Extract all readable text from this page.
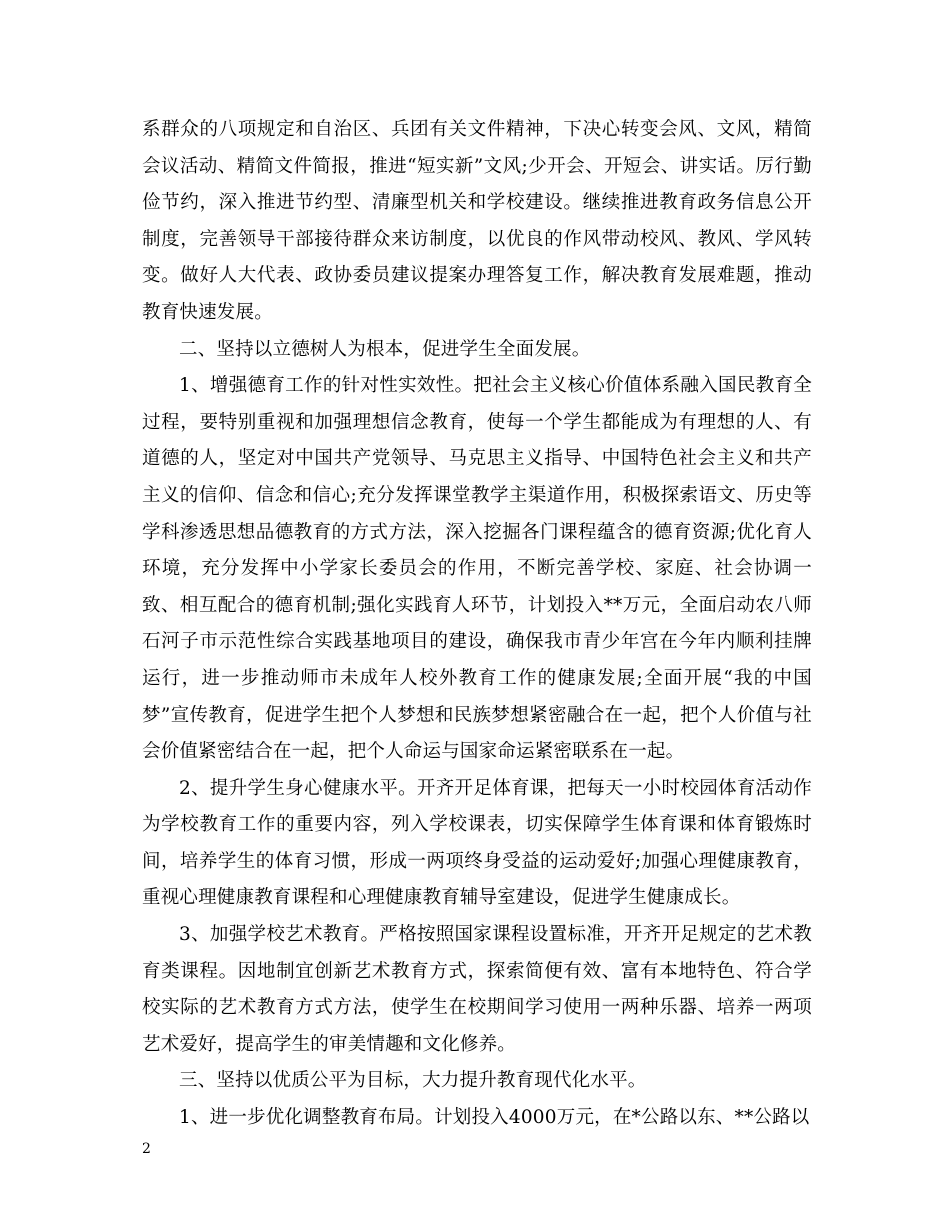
系群众的八项规定和自治区、兵团有关文件精神，下决心转变会风、文风，精简会议活动、精简文件简报，推进“短实新”文风;少开会、开短会、讲实话。厉行勤俭节约，深入推进节约型、清廉型机关和学校建设。继续推进教育政务信息公开制度，完善领导干部接待群众来访制度，以优良的作风带动校风、教风、学风转变。做好人大代表、政协委员建议提案办理答复工作，解决教育发展难题，推动教育快速发展。

二、坚持以立德树人为根本，促进学生全面发展。

1、增强德育工作的针对性实效性。把社会主义核心价值体系融入国民教育全过程，要特别重视和加强理想信念教育，使每一个学生都能成为有理想的人、有道德的人，坚定对中国共产党领导、马克思主义指导、中国特色社会主义和共产主义的信仰、信念和信心;充分发挥课堂教学主渠道作用，积极探索语文、历史等学科渗透思想品德教育的方式方法，深入挖掘各门课程蕴含的德育资源;优化育人环境，充分发挥中小学家长委员会的作用，不断完善学校、家庭、社会协调一致、相互配合的德育机制;强化实践育人环节，计划投入**万元，全面启动农八师石河子市示范性综合实践基地项目的建设，确保我市青少年宫在今年内顺利挂牌运行，进一步推动师市未成年人校外教育工作的健康发展;全面开展“我的中国梦”宣传教育，促进学生把个人梦想和民族梦想紧密融合在一起，把个人价值与社会价值紧密结合在一起，把个人命运与国家命运紧密联系在一起。

2、提升学生身心健康水平。开齐开足体育课，把每天一小时校园体育活动作为学校教育工作的重要内容，列入学校课表，切实保障学生体育课和体育锻炼时间，培养学生的体育习惯，形成一两项终身受益的运动爱好;加强心理健康教育，重视心理健康教育课程和心理健康教育辅导室建设，促进学生健康成长。

3、加强学校艺术教育。严格按照国家课程设置标准，开齐开足规定的艺术教育类课程。因地制宜创新艺术教育方式，探索简便有效、富有本地特色、符合学校实际的艺术教育方式方法，使学生在校期间学习使用一两种乐器、培养一两项艺术爱好，提高学生的审美情趣和文化修养。

三、坚持以优质公平为目标，大力提升教育现代化水平。

1、进一步优化调整教育布局。计划投入4000万元，在*公路以东、**公路以

2
